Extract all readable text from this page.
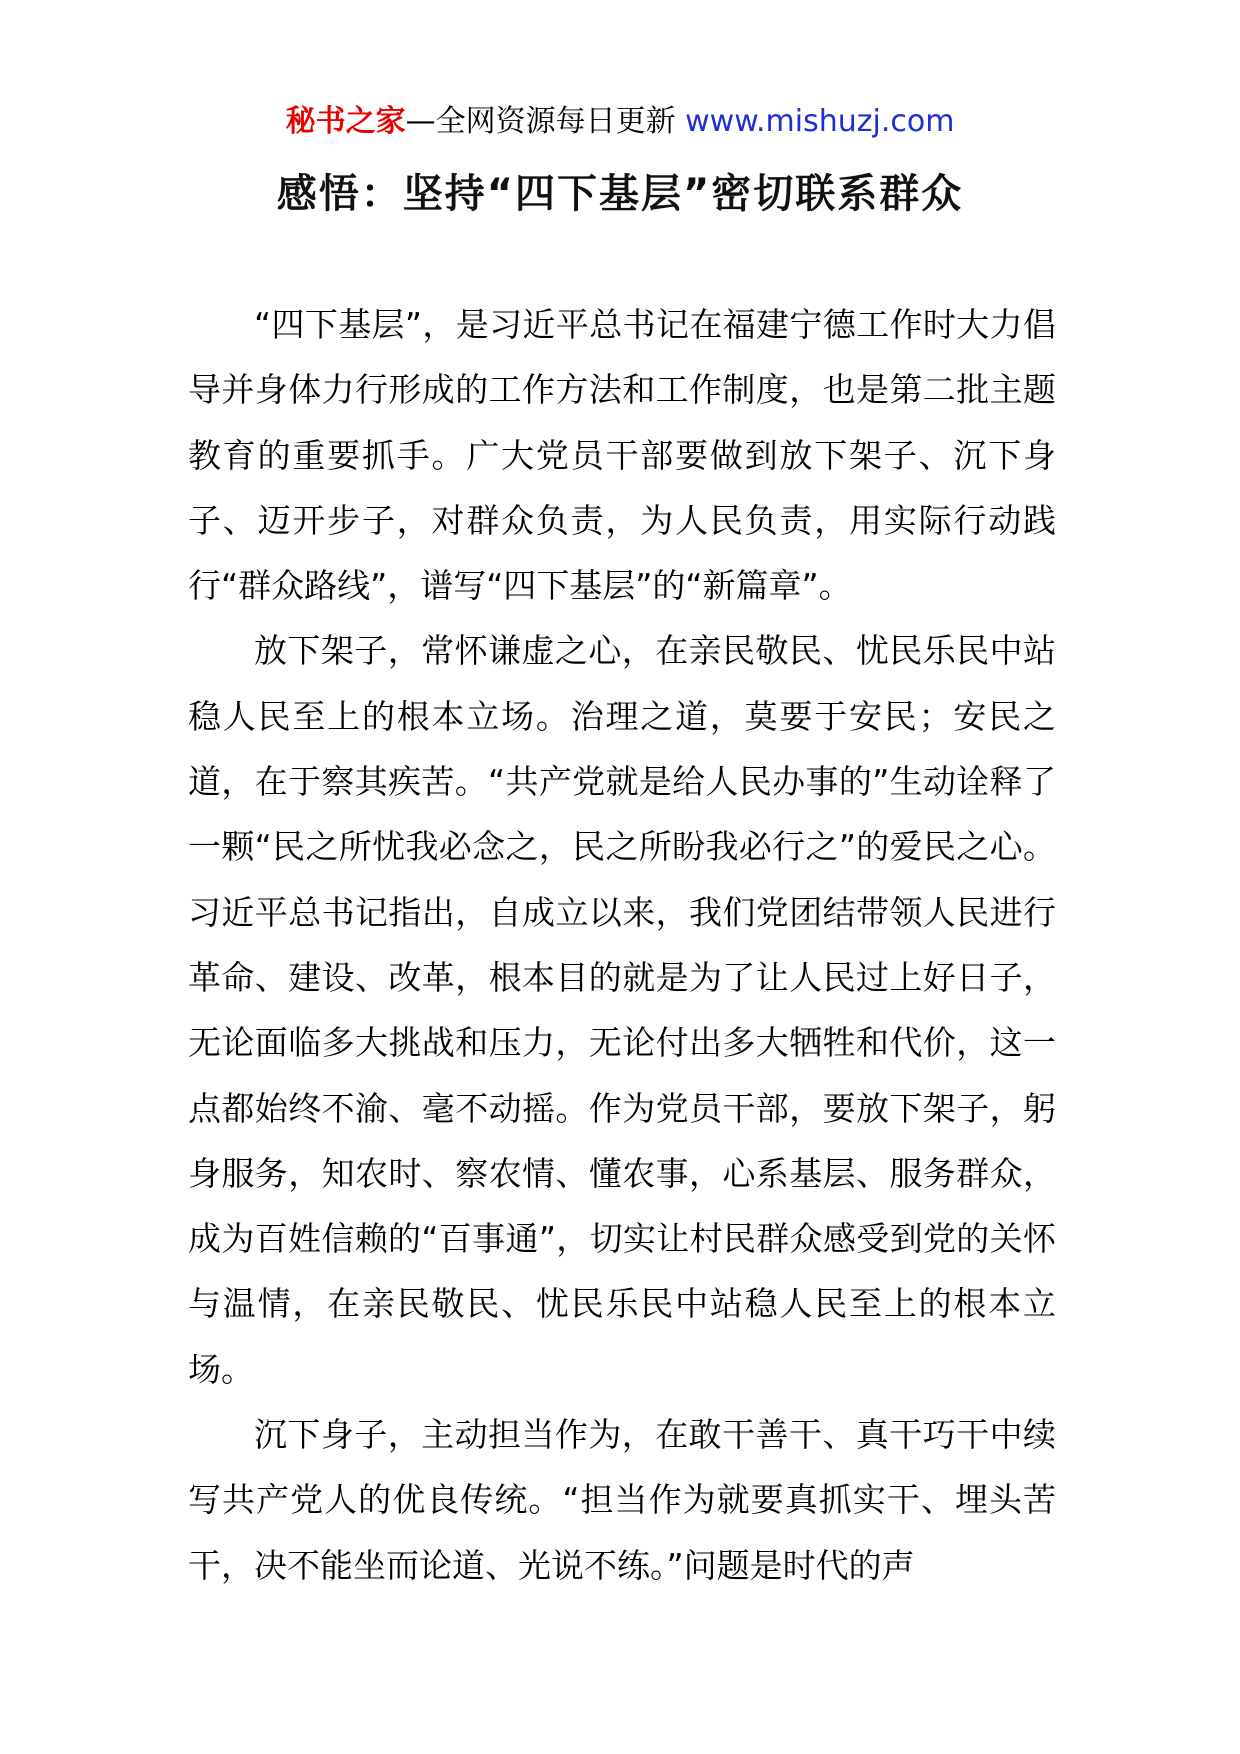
秘书之家—全网资源每日更新 www.mishuzj.com
感悟：坚持“四下基层”密切联系群众

“四下基层”，是习近平总书记在福建宁德工作时大力倡导并身体力行形成的工作方法和工作制度，也是第二批主题教育的重要抓手。广大党员干部要做到放下架子、沉下身子、迈开步子，对群众负责，为人民负责，用实际行动践行“群众路线”，谱写“四下基层”的“新篇章”。

放下架子，常怀谦虚之心，在亲民敬民、忧民乐民中站稳人民至上的根本立场。治理之道，莫要于安民；安民之道，在于察其疾苦。“共产党就是给人民办事的”生动诠释了一颗“民之所忧我必念之，民之所盼我必行之”的爱民之心。习近平总书记指出，自成立以来，我们党团结带领人民进行革命、建设、改革，根本目的就是为了让人民过上好日子，无论面临多大挑战和压力，无论付出多大牺牲和代价，这一点都始终不渝、毫不动摇。作为党员干部，要放下架子，躬身服务，知农时、察农情、懂农事，心系基层、服务群众，成为百姓信赖的“百事通”，切实让村民群众感受到党的关怀与温情，在亲民敬民、忧民乐民中站稳人民至上的根本立场。

沉下身子，主动担当作为，在敢干善干、真干巧干中续写共产党人的优良传统。“担当作为就要真抓实干、埋头苦干，决不能坐而论道、光说不练。”问题是时代的声
